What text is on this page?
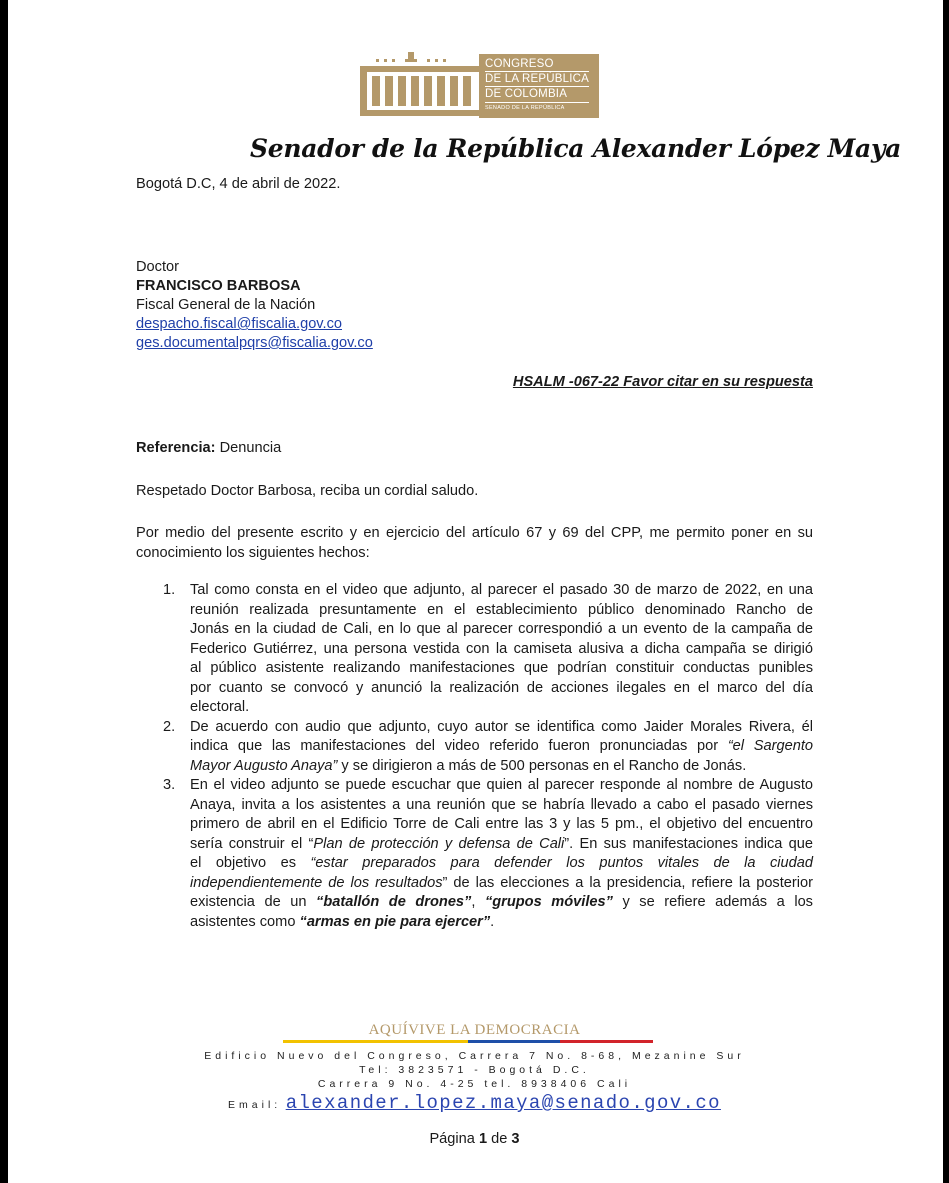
CONGRESO
DE LA REPÚBLICA
DE COLOMBIA
SENADO DE LA REPÚBLICA
Senador de la República Alexander López Maya
Bogotá D.C, 4 de abril de 2022.
Doctor
FRANCISCO BARBOSA
Fiscal General de la Nación
despacho.fiscal@fiscalia.gov.co
ges.documentalpqrs@fiscalia.gov.co
HSALM -067-22 Favor citar en su respuesta
Referencia: Denuncia
Respetado Doctor Barbosa, reciba un cordial saludo.
Por medio del presente escrito y en ejercicio del artículo 67 y 69 del CPP, me permito poner en su
conocimiento los siguientes hechos:
1. Tal como consta en el video que adjunto, al parecer el pasado 30 de marzo de 2022, en una
reunión realizada presuntamente en el establecimiento público denominado Rancho de
Jonás en la ciudad de Cali, en lo que al parecer correspondió a un evento de la campaña de
Federico Gutiérrez, una persona vestida con la camiseta alusiva a dicha campaña se dirigió
al público asistente realizando manifestaciones que podrían constituir conductas punibles
por cuanto se convocó y anunció la realización de acciones ilegales en el marco del día
electoral.
2. De acuerdo con audio que adjunto, cuyo autor se identifica como Jaider Morales Rivera, él
indica que las manifestaciones del video referido fueron pronunciadas por “el Sargento
Mayor Augusto Anaya” y se dirigieron a más de 500 personas en el Rancho de Jonás.
3. En el video adjunto se puede escuchar que quien al parecer responde al nombre de Augusto
Anaya, invita a los asistentes a una reunión que se habría llevado a cabo el pasado viernes
primero de abril en el Edificio Torre de Cali entre las 3 y las 5 pm., el objetivo del encuentro
sería construir el “Plan de protección y defensa de Cali”. En sus manifestaciones indica que
el objetivo es “estar preparados para defender los puntos vitales de la ciudad
independientemente de los resultados” de las elecciones a la presidencia, refiere la posterior
existencia de un “batallón de drones”, “grupos móviles” y se refiere además a los
asistentes como “armas en pie para ejercer”.
AQUÍVIVE LA DEMOCRACIA
Edificio Nuevo del Congreso, Carrera 7 No. 8-68, Mezanine Sur
Tel: 3823571 - Bogotá D.C.
Carrera 9 No. 4-25 tel. 8938406 Cali
Email: alexander.lopez.maya@senado.gov.co
Página 1 de 3
